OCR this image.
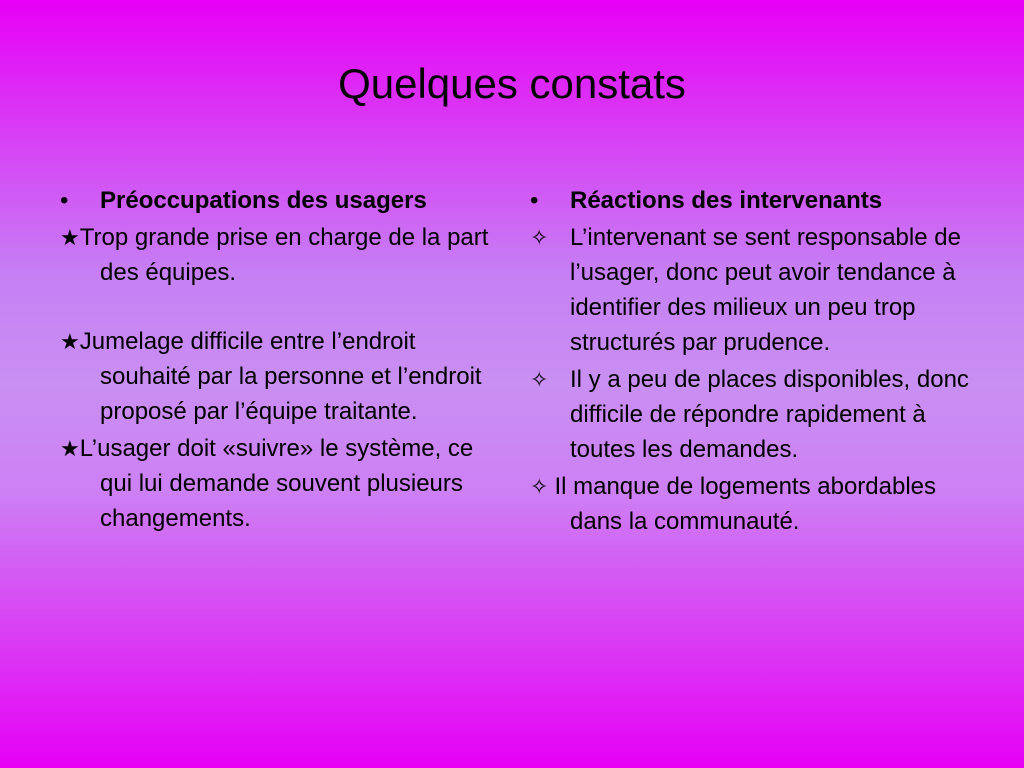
Quelques constats
• Préoccupations des usagers
★Trop grande prise en charge de la part des équipes.
★Jumelage difficile entre l’endroit souhaité par la personne et l’endroit proposé par l’équipe traitante.
★L’usager doit «suivre» le système, ce qui lui demande souvent plusieurs changements.
• Réactions des intervenants
✧ L’intervenant se sent responsable de l’usager, donc peut avoir tendance à identifier des milieux un peu trop structurés par prudence.
✧ Il y a peu de places disponibles, donc difficile de répondre rapidement à toutes les demandes.
✧ Il manque de logements abordables dans la communauté.
